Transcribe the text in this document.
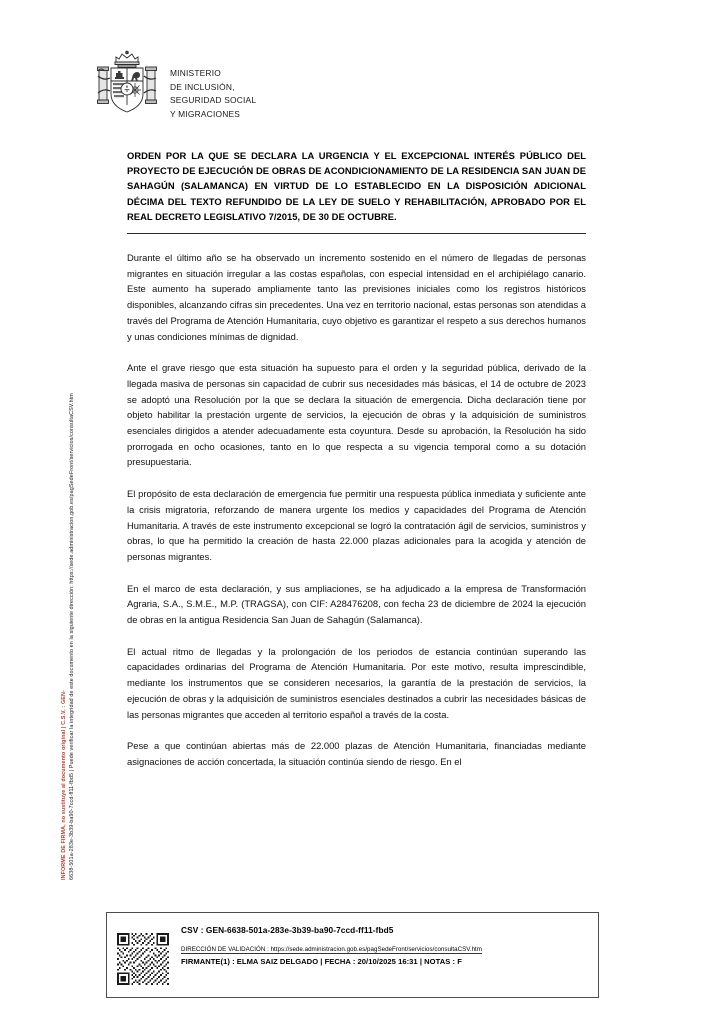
6638-501a-283e-3b39-ba90-7ccd-ff11-fbd5 | Puede verificar la integridad de este documento en la siguiente dirección: https://sede.administracion.gob.es/pagSedeFront/servicios/consultaCSV.htm
INFORME DE FIRMA, no sustituye al documento original | C.S.V. : GEN-
MINISTERIO
DE INCLUSIÓN,
SEGURIDAD SOCIAL
Y MIGRACIONES

ORDEN POR LA QUE SE DECLARA LA URGENCIA Y EL EXCEPCIONAL INTERÉS PÚBLICO DEL PROYECTO DE EJECUCIÓN DE OBRAS DE ACONDICIONAMIENTO DE LA RESIDENCIA SAN JUAN DE SAHAGÚN (SALAMANCA) EN VIRTUD DE LO ESTABLECIDO EN LA DISPOSICIÓN ADICIONAL DÉCIMA DEL TEXTO REFUNDIDO DE LA LEY DE SUELO Y REHABILITACIÓN, APROBADO POR EL REAL DECRETO LEGISLATIVO 7/2015, DE 30 DE OCTUBRE.

Durante el último año se ha observado un incremento sostenido en el número de llegadas de personas migrantes en situación irregular a las costas españolas, con especial intensidad en el archipiélago canario. Este aumento ha superado ampliamente tanto las previsiones iniciales como los registros históricos disponibles, alcanzando cifras sin precedentes. Una vez en territorio nacional, estas personas son atendidas a través del Programa de Atención Humanitaria, cuyo objetivo es garantizar el respeto a sus derechos humanos y unas condiciones mínimas de dignidad.

Ante el grave riesgo que esta situación ha supuesto para el orden y la seguridad pública, derivado de la llegada masiva de personas sin capacidad de cubrir sus necesidades más básicas, el 14 de octubre de 2023 se adoptó una Resolución por la que se declara la situación de emergencia. Dicha declaración tiene por objeto habilitar la prestación urgente de servicios, la ejecución de obras y la adquisición de suministros esenciales dirigidos a atender adecuadamente esta coyuntura. Desde su aprobación, la Resolución ha sido prorrogada en ocho ocasiones, tanto en lo que respecta a su vigencia temporal como a su dotación presupuestaria.

El propósito de esta declaración de emergencia fue permitir una respuesta pública inmediata y suficiente ante la crisis migratoria, reforzando de manera urgente los medios y capacidades del Programa de Atención Humanitaria. A través de este instrumento excepcional se logró la contratación ágil de servicios, suministros y obras, lo que ha permitido la creación de hasta 22.000 plazas adicionales para la acogida y atención de personas migrantes.

En el marco de esta declaración, y sus ampliaciones, se ha adjudicado a la empresa de Transformación Agraria, S.A., S.M.E., M.P. (TRAGSA), con CIF: A28476208, con fecha 23 de diciembre de 2024 la ejecución de obras en la antigua Residencia San Juan de Sahagún (Salamanca).

El actual ritmo de llegadas y la prolongación de los periodos de estancia continúan superando las capacidades ordinarias del Programa de Atención Humanitaria. Por este motivo, resulta imprescindible, mediante los instrumentos que se consideren necesarios, la garantía de la prestación de servicios, la ejecución de obras y la adquisición de suministros esenciales destinados a cubrir las necesidades básicas de las personas migrantes que acceden al territorio español a través de la costa.

Pese a que continúan abiertas más de 22.000 plazas de Atención Humanitaria, financiadas mediante asignaciones de acción concertada, la situación continúa siendo de riesgo. En el

CSV : GEN-6638-501a-283e-3b39-ba90-7ccd-ff11-fbd5
DIRECCIÓN DE VALIDACIÓN : https://sede.administracion.gob.es/pagSedeFront/servicios/consultaCSV.htm
FIRMANTE(1) : ELMA SAIZ DELGADO | FECHA : 20/10/2025 16:31 | NOTAS : F
